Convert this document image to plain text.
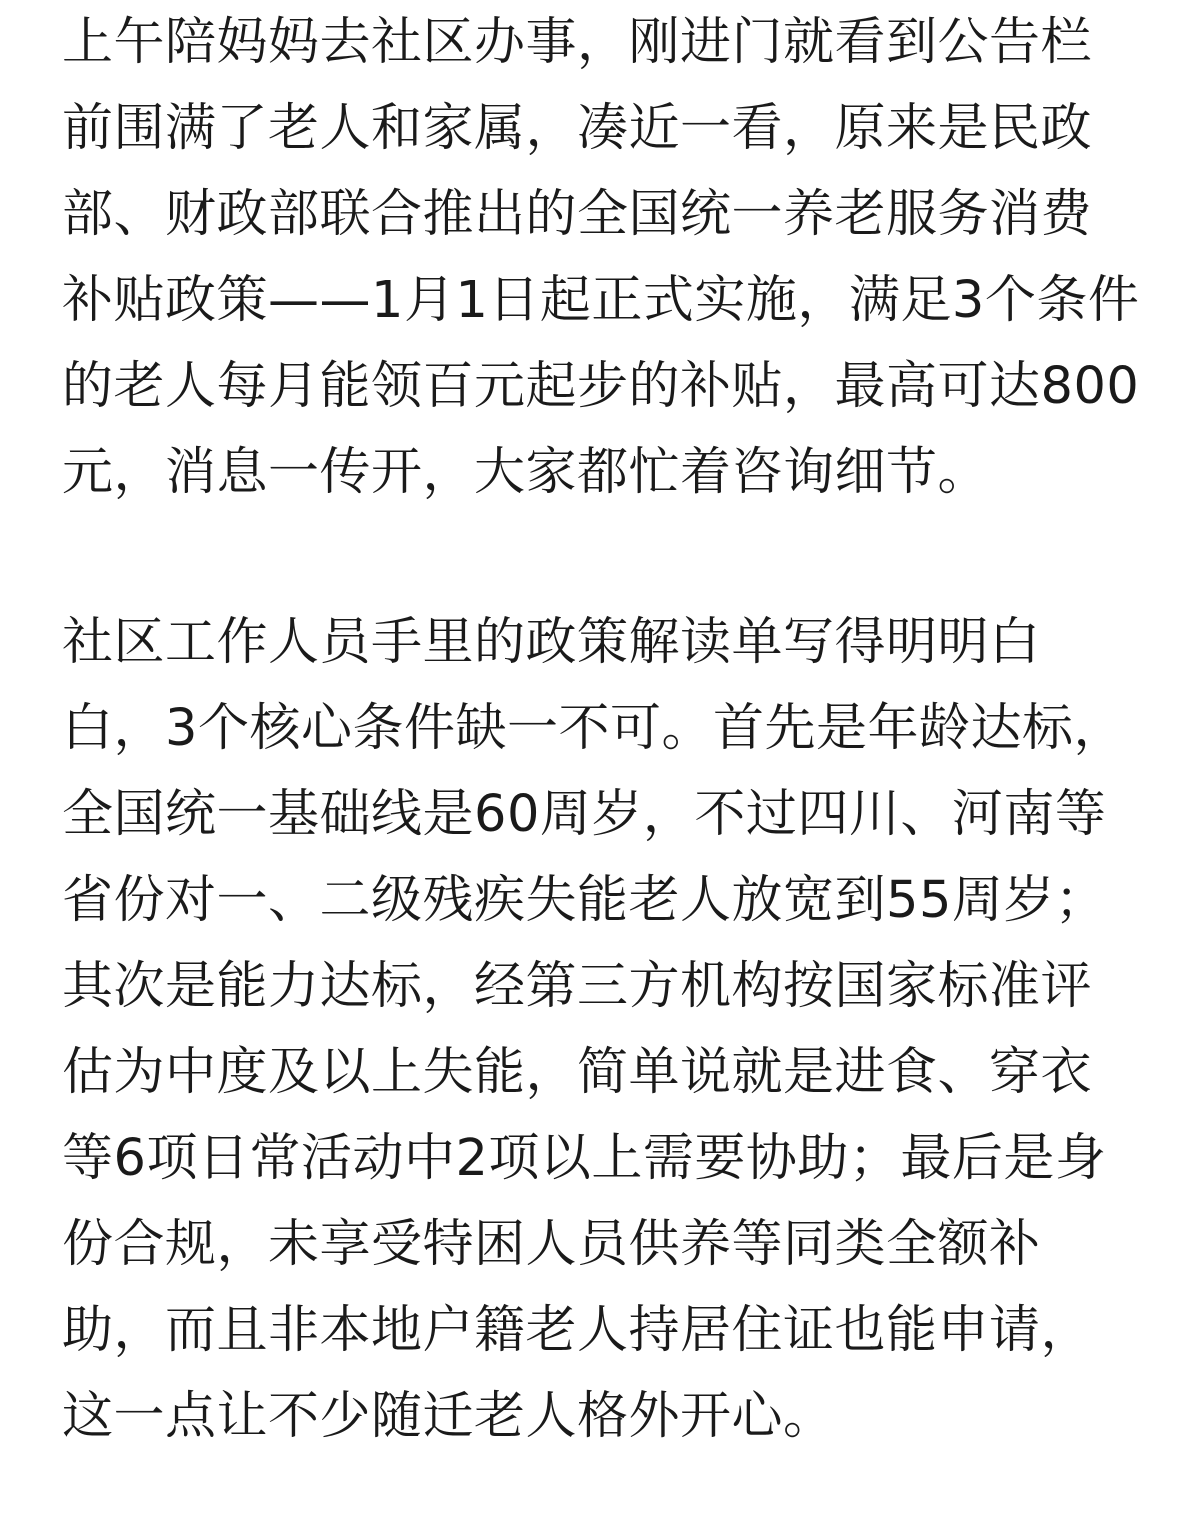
上午陪妈妈去社区办事，刚进门就看到公告栏
前围满了老人和家属，凑近一看，原来是民政
部、财政部联合推出的全国统一养老服务消费
补贴政策——1月1日起正式实施，满足3个条件
的老人每月能领百元起步的补贴，最高可达800
元，消息一传开，大家都忙着咨询细节。
社区工作人员手里的政策解读单写得明明白
白，3个核心条件缺一不可。首先是年龄达标，
全国统一基础线是60周岁，不过四川、河南等
省份对一、二级残疾失能老人放宽到55周岁；
其次是能力达标，经第三方机构按国家标准评
估为中度及以上失能，简单说就是进食、穿衣
等6项日常活动中2项以上需要协助；最后是身
份合规，未享受特困人员供养等同类全额补
助，而且非本地户籍老人持居住证也能申请，
这一点让不少随迁老人格外开心。
